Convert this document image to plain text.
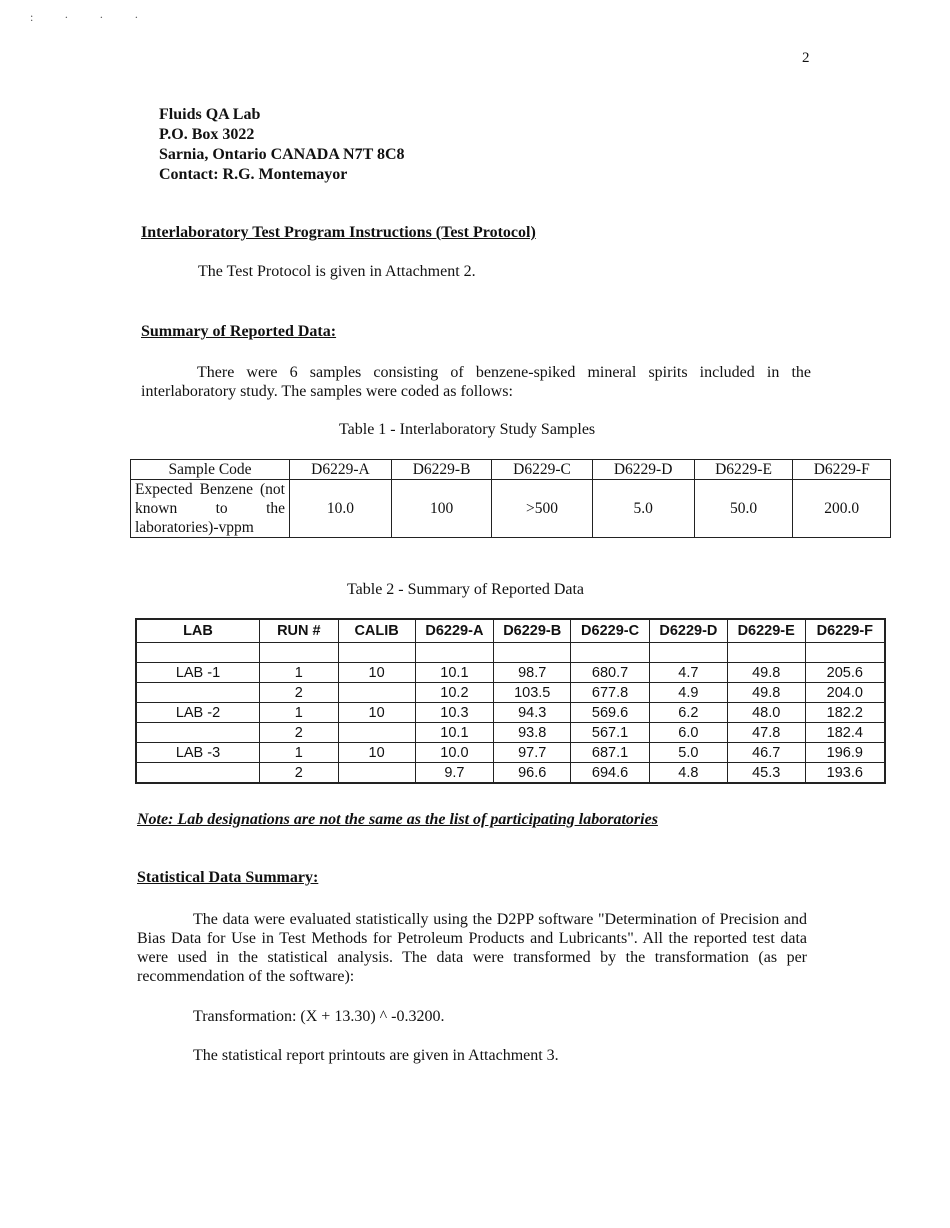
: · · ·
2
Fluids QA Lab
P.O. Box 3022
Sarnia, Ontario CANADA N7T 8C8
Contact: R.G. Montemayor
Interlaboratory Test Program Instructions (Test Protocol)
The Test Protocol is given in Attachment 2.
Summary of Reported Data:
There were 6 samples consisting of benzene-spiked mineral spirits included in the interlaboratory study. The samples were coded as follows:
Table 1 - Interlaboratory Study Samples
Sample Code	D6229-A	D6229-B	D6229-C	D6229-D	D6229-E	D6229-F
Expected Benzene (not known to the laboratories)-vppm	10.0	100	>500	5.0	50.0	200.0
Table 2 - Summary of Reported Data
LAB	RUN #	CALIB	D6229-A	D6229-B	D6229-C	D6229-D	D6229-E	D6229-F

LAB -1	1	10	10.1	98.7	680.7	4.7	49.8	205.6
	2		10.2	103.5	677.8	4.9	49.8	204.0
LAB -2	1	10	10.3	94.3	569.6	6.2	48.0	182.2
	2		10.1	93.8	567.1	6.0	47.8	182.4
LAB -3	1	10	10.0	97.7	687.1	5.0	46.7	196.9
	2		9.7	96.6	694.6	4.8	45.3	193.6
Note: Lab designations are not the same as the list of participating laboratories
Statistical Data Summary:
The data were evaluated statistically using the D2PP software "Determination of Precision and Bias Data for Use in Test Methods for Petroleum Products and Lubricants". All the reported test data were used in the statistical analysis. The data were transformed by the transformation (as per recommendation of the software):
Transformation: (X + 13.30) ^ -0.3200.
The statistical report printouts are given in Attachment 3.
